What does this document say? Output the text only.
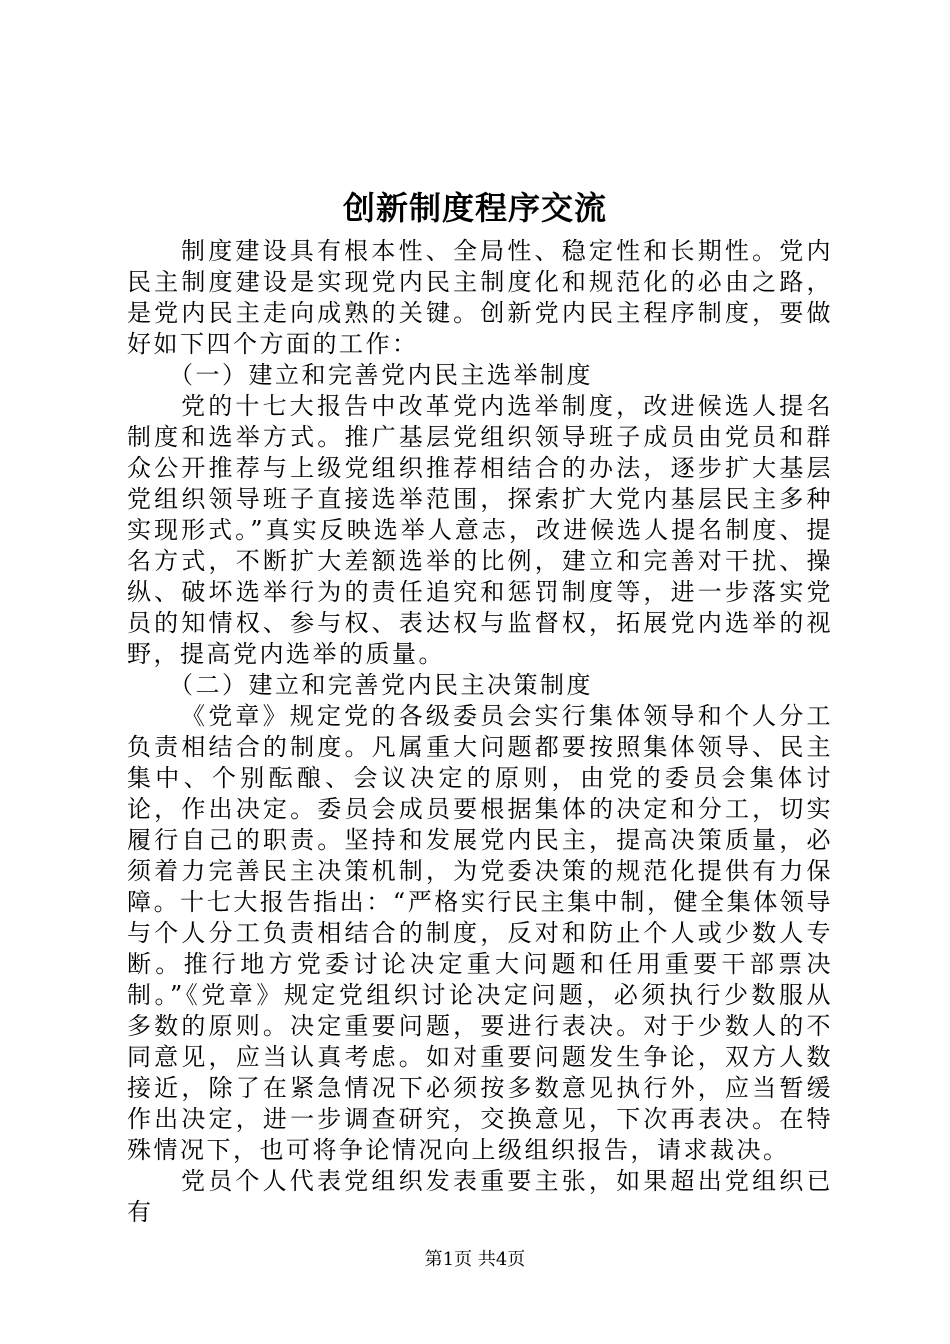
创新制度程序交流

制度建设具有根本性、全局性、稳定性和长期性。党内民主制度建设是实现党内民主制度化和规范化的必由之路，是党内民主走向成熟的关键。创新党内民主程序制度，要做好如下四个方面的工作：

（一）建立和完善党内民主选举制度

党的十七大报告中改革党内选举制度，改进候选人提名制度和选举方式。推广基层党组织领导班子成员由党员和群众公开推荐与上级党组织推荐相结合的办法，逐步扩大基层党组织领导班子直接选举范围，探索扩大党内基层民主多种实现形式。”真实反映选举人意志，改进候选人提名制度、提名方式，不断扩大差额选举的比例，建立和完善对干扰、操纵、破坏选举行为的责任追究和惩罚制度等，进一步落实党员的知情权、参与权、表达权与监督权，拓展党内选举的视野，提高党内选举的质量。

（二）建立和完善党内民主决策制度

《党章》规定党的各级委员会实行集体领导和个人分工负责相结合的制度。凡属重大问题都要按照集体领导、民主集中、个别酝酿、会议决定的原则，由党的委员会集体讨论，作出决定。委员会成员要根据集体的决定和分工，切实履行自己的职责。坚持和发展党内民主，提高决策质量，必须着力完善民主决策机制，为党委决策的规范化提供有力保障。十七大报告指出：“严格实行民主集中制，健全集体领导与个人分工负责相结合的制度，反对和防止个人或少数人专断。推行地方党委讨论决定重大问题和任用重要干部票决制。”《党章》规定党组织讨论决定问题，必须执行少数服从多数的原则。决定重要问题，要进行表决。对于少数人的不同意见，应当认真考虑。如对重要问题发生争论，双方人数接近，除了在紧急情况下必须按多数意见执行外，应当暂缓作出决定，进一步调查研究，交换意见，下次再表决。在特殊情况下，也可将争论情况向上级组织报告，请求裁决。

党员个人代表党组织发表重要主张，如果超出党组织已有

第1页 共4页
